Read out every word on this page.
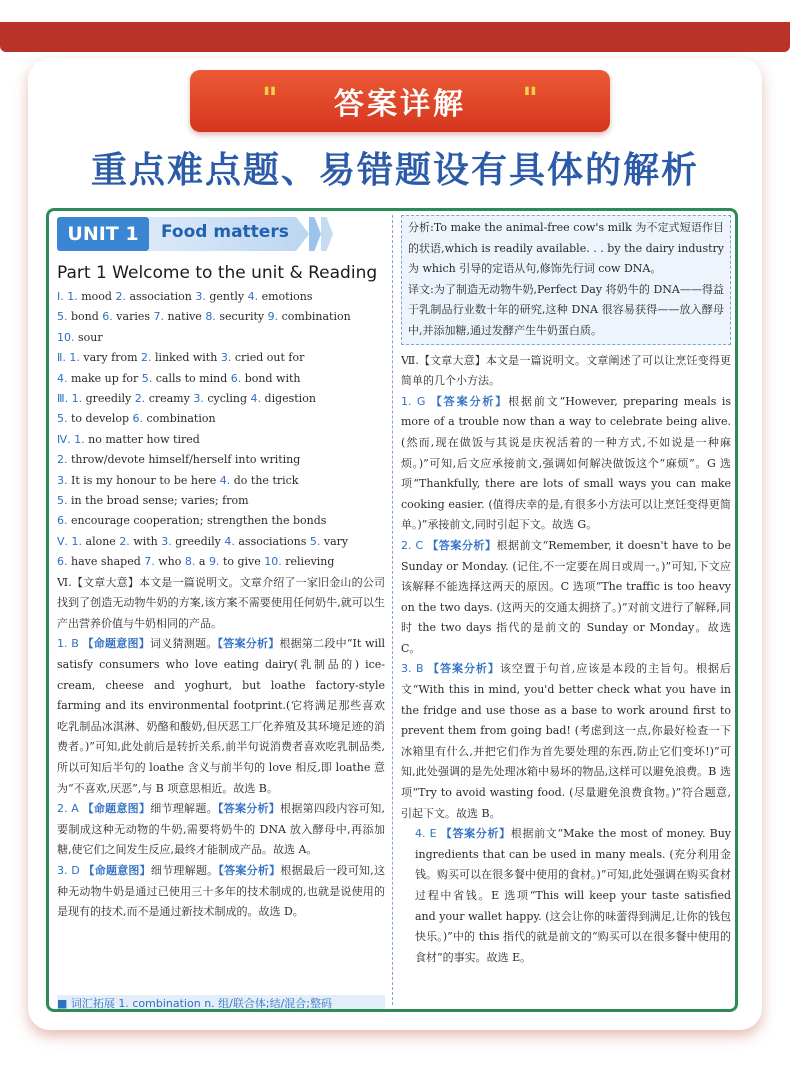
" 答案详解 "
重点难点题、易错题设有具体的解析
UNIT 1	Food matters
Part 1 Welcome to the unit & Reading
Ⅰ. 1. mood 2. association 3. gently 4. emotions
5. bond 6. varies 7. native 8. security 9. combination
10. sour
Ⅱ. 1. vary from 2. linked with 3. cried out for
4. make up for 5. calls to mind 6. bond with
Ⅲ. 1. greedily 2. creamy 3. cycling 4. digestion
5. to develop 6. combination
Ⅳ. 1. no matter how tired
2. throw/devote himself/herself into writing
3. It is my honour to be here 4. do the trick
5. in the broad sense; varies; from
6. encourage cooperation; strengthen the bonds
Ⅴ. 1. alone 2. with 3. greedily 4. associations 5. vary
6. have shaped 7. who 8. a 9. to give 10. relieving
Ⅵ.【文章大意】本文是一篇说明文。文章介绍了一家旧金山的公司找到了创造无动物牛奶的方案,该方案不需要使用任何奶牛,就可以生产出营养价值与牛奶相同的产品。
1. B 【命题意图】词义猜测题。【答案分析】根据第二段中“It will satisfy consumers who love eating dairy(乳制品的) ice-cream, cheese and yoghurt, but loathe factory-style farming and its environmental footprint.(它将满足那些喜欢吃乳制品冰淇淋、奶酪和酸奶,但厌恶工厂化养殖及其环境足迹的消费者。)”可知,此处前后是转折关系,前半句说消费者喜欢吃乳制品类,所以可知后半句的 loathe 含义与前半句的 love 相反,即 loathe 意为“不喜欢,厌恶”,与 B 项意思相近。故选 B。
2. A 【命题意图】细节理解题。【答案分析】根据第四段内容可知,要制成这种无动物的牛奶,需要将奶牛的 DNA 放入酵母中,再添加糖,使它们之间发生反应,最终才能制成产品。故选 A。
3. D 【命题意图】细节理解题。【答案分析】根据最后一段可知,这种无动物牛奶是通过已使用三十多年的技术制成的,也就是说使用的是现有的技术,而不是通过新技术制成的。故选 D。
■ 词汇拓展 1. combination n. 组/联合体;结/混合;整码
分析:To make the animal-free cow's milk 为不定式短语作目的状语,which is readily available. . . by the dairy industry 为 which 引导的定语从句,修饰先行词 cow DNA。
译文:为了制造无动物牛奶,Perfect Day 将奶牛的 DNA——得益于乳制品行业数十年的研究,这种 DNA 很容易获得——放入酵母中,并添加糖,通过发酵产生牛奶蛋白质。
Ⅶ.【文章大意】本文是一篇说明文。文章阐述了可以让烹饪变得更简单的几个小方法。
1. G 【答案分析】根据前文“However, preparing meals is more of a trouble now than a way to celebrate being alive. (然而,现在做饭与其说是庆祝活着的一种方式,不如说是一种麻烦。)”可知,后文应承接前文,强调如何解决做饭这个“麻烦”。G 选项“Thankfully, there are lots of small ways you can make cooking easier. (值得庆幸的是,有很多小方法可以让烹饪变得更简单。)”承接前文,同时引起下文。故选 G。
2. C 【答案分析】根据前文“Remember, it doesn't have to be Sunday or Monday. (记住,不一定要在周日或周一。)”可知,下文应该解释不能选择这两天的原因。C 选项“The traffic is too heavy on the two days. (这两天的交通太拥挤了。)”对前文进行了解释,同时 the two days 指代的是前文的 Sunday or Monday。故选 C。
3. B 【答案分析】该空置于句首,应该是本段的主旨句。根据后文“With this in mind, you'd better check what you have in the fridge and use those as a base to work around first to prevent them from going bad! (考虑到这一点,你最好检查一下冰箱里有什么,并把它们作为首先要处理的东西,防止它们变坏!)”可知,此处强调的是先处理冰箱中易坏的物品,这样可以避免浪费。B 选项“Try to avoid wasting food. (尽量避免浪费食物。)”符合题意,引起下文。故选 B。
4. E 【答案分析】根据前文“Make the most of money. Buy ingredients that can be used in many meals. (充分利用金钱。购买可以在很多餐中使用的食材。)”可知,此处强调在购买食材过程中省钱。E 选项“This will keep your taste satisfied and your wallet happy. (这会让你的味蕾得到满足,让你的钱包快乐。)”中的 this 指代的就是前文的“购买可以在很多餐中使用的食材”的事实。故选 E。
